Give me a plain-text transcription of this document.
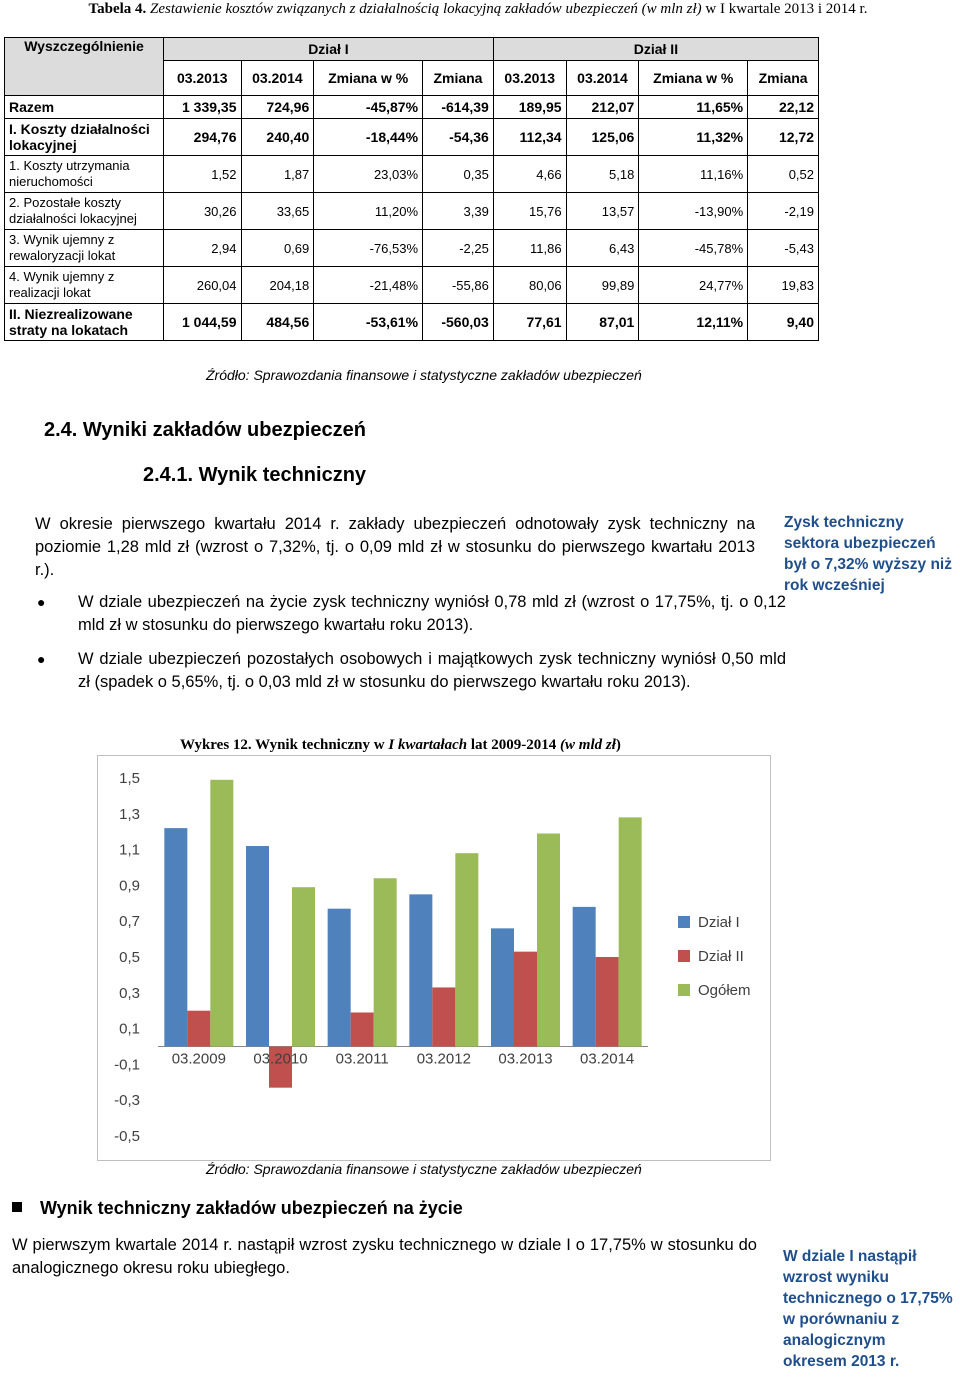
Tabela 4. Zestawienie kosztów związanych z działalnością lokacyjną zakładów ubezpieczeń (w mln zł) w I kwartale 2013 i 2014 r.
Wyszczególnienie	Dział I				Dział II			
	03.2013	03.2014	Zmiana w %	Zmiana	03.2013	03.2014	Zmiana w %	Zmiana
Razem	1 339,35	724,96	-45,87%	-614,39	189,95	212,07	11,65%	22,12
I. Koszty działalności lokacyjnej	294,76	240,40	-18,44%	-54,36	112,34	125,06	11,32%	12,72
1. Koszty utrzymania nieruchomości	1,52	1,87	23,03%	0,35	4,66	5,18	11,16%	0,52
2. Pozostałe koszty działalności lokacyjnej	30,26	33,65	11,20%	3,39	15,76	13,57	-13,90%	-2,19
3. Wynik ujemny z rewaloryzacji lokat	2,94	0,69	-76,53%	-2,25	11,86	6,43	-45,78%	-5,43
4. Wynik ujemny z realizacji lokat	260,04	204,18	-21,48%	-55,86	80,06	99,89	24,77%	19,83
II. Niezrealizowane straty na lokatach	1 044,59	484,56	-53,61%	-560,03	77,61	87,01	12,11%	9,40
Źródło: Sprawozdania finansowe i statystyczne zakładów ubezpieczeń
2.4. Wyniki zakładów ubezpieczeń
2.4.1. Wynik techniczny
W okresie pierwszego kwartału 2014 r. zakłady ubezpieczeń odnotowały zysk techniczny na poziomie 1,28 mld zł (wzrost o 7,32%, tj. o 0,09 mld zł w stosunku do pierwszego kwartału 2013 r.).
● W dziale ubezpieczeń na życie zysk techniczny wyniósł 0,78 mld zł (wzrost o 17,75%, tj. o 0,12 mld zł w stosunku do pierwszego kwartału roku 2013).
● W dziale ubezpieczeń pozostałych osobowych i majątkowych zysk techniczny wyniósł 0,50 mld zł (spadek o 5,65%, tj. o 0,03 mld zł w stosunku do pierwszego kwartału roku 2013).
Zysk techniczny sektora ubezpieczeń był o 7,32% wyższy niż rok wcześniej
Wykres 12. Wynik techniczny w I kwartałach lat 2009-2014 (w mld zł)
1,5
1,3
1,1
0,9
0,7
0,5
0,3
0,1
-0,1
-0,3
-0,5
03.2009 03.2010 03.2011 03.2012 03.2013 03.2014
Dział I
Dział II
Ogółem
Źródło: Sprawozdania finansowe i statystyczne zakładów ubezpieczeń
Wynik techniczny zakładów ubezpieczeń na życie
W pierwszym kwartale 2014 r. nastąpił wzrost zysku technicznego w dziale I o 17,75% w stosunku do analogicznego okresu roku ubiegłego.
W dziale I nastąpił wzrost wyniku technicznego o 17,75% w porównaniu z analogicznym okresem 2013 r.
